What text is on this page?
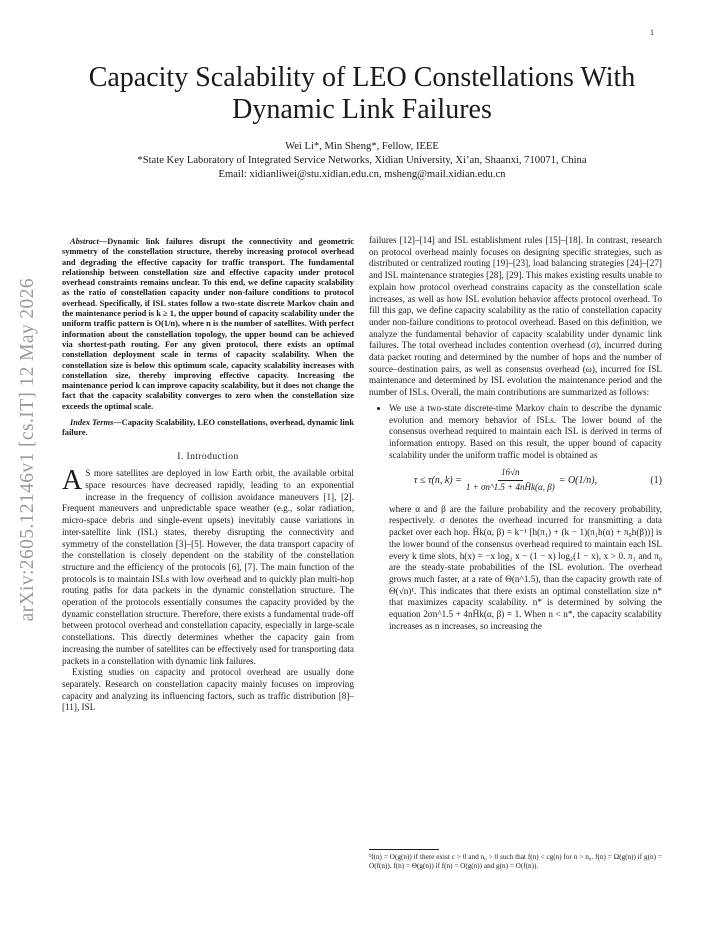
1
arXiv:2605.12146v1 [cs.IT] 12 May 2026
Capacity Scalability of LEO Constellations With Dynamic Link Failures
Wei Li*, Min Sheng*, Fellow, IEEE
*State Key Laboratory of Integrated Service Networks, Xidian University, Xi’an, Shaanxi, 710071, China
Email: xidianliwei@stu.xidian.edu.cn, msheng@mail.xidian.edu.cn

Abstract—Dynamic link failures disrupt the connectivity and geometric symmetry of the constellation structure, thereby increasing protocol overhead and degrading the effective capacity for traffic transport. The fundamental relationship between constellation size and effective capacity under protocol overhead constraints remains unclear. To this end, we define capacity scalability as the ratio of constellation capacity under non-failure conditions to protocol overhead. Specifically, if ISL states follow a two-state discrete Markov chain and the maintenance period is k ≥ 1, the upper bound of capacity scalability under the uniform traffic pattern is O(1/n), where n is the number of satellites. With perfect information about the constellation topology, the upper bound can be achieved via shortest-path routing. For any given protocol, there exists an optimal constellation deployment scale in terms of capacity scalability. When the constellation size is below this optimum scale, capacity scalability increases with constellation size, thereby improving effective capacity. Increasing the maintenance period k can improve capacity scalability, but it does not change the fact that the capacity scalability converges to zero when the constellation size exceeds the optimal scale.

Index Terms—Capacity Scalability, LEO constellations, overhead, dynamic link failure.

I. Introduction

A S more satellites are deployed in low Earth orbit, the available orbital space resources have decreased rapidly, leading to an exponential increase in the frequency of collision avoidance maneuvers [1], [2]. Frequent maneuvers and unpredictable space weather (e.g., solar radiation, micro-space debris and single-event upsets) inevitably cause variations in inter-satellite link (ISL) states, thereby disrupting the connectivity and symmetry of the constellation [3]–[5]. However, the data transport capacity of the constellation is closely dependent on the stability of the constellation structure and the efficiency of the protocols [6], [7]. The main function of the protocols is to maintain ISLs with low overhead and to quickly plan multi-hop routing paths for data packets in the dynamic constellation structure. The operation of the protocols essentially consumes the capacity provided by the dynamic constellation structure. Therefore, there exists a fundamental trade-off between protocol overhead and constellation capacity, especially in large-scale constellations. This directly determines whether the capacity gain from increasing the number of satellites can be effectively used for transporting data packets in a constellation with dynamic link failures.

Existing studies on capacity and protocol overhead are usually done separately. Research on constellation capacity mainly focuses on improving capacity and analyzing its influencing factors, such as traffic distribution [8]–[11], ISL

failures [12]–[14] and ISL establishment rules [15]–[18]. In contrast, research on protocol overhead mainly focuses on designing specific strategies, such as distributed or centralized routing [19]–[23], load balancing strategies [24]–[27] and ISL maintenance strategies [28], [29]. This makes existing results unable to explain how protocol overhead constrains capacity as the constellation scale increases, as well as how ISL evolution behavior affects protocol overhead. To fill this gap, we define capacity scalability as the ratio of constellation capacity under non-failure conditions to protocol overhead. Based on this definition, we analyze the fundamental behavior of capacity scalability under dynamic link failures. The total overhead includes contention overhead (σ), incurred during data packet routing and determined by the number of hops and the number of source–destination pairs, as well as consensus overhead (ω), incurred for ISL maintenance and determined by ISL evolution the maintenance period and the number of ISLs. Overall, the main contributions are summarized as follows:

• We use a two-state discrete-time Markov chain to describe the dynamic evolution and memory behavior of ISLs. The lower bound of the consensus overhead required to maintain each ISL is derived in terms of information entropy. Based on this result, the upper bound of capacity scalability under the uniform traffic model is obtained as
τ ≤ τ(n, $k) = \frac{16√n}{1 + \sigma n\^{}1.5 + 4nH̄k(\alpha, \beta)} = O(1/n)$,	(1)

where α and β are the failure probability and the recovery probability, respectively. σ denotes the overhead incurred for transmitting a data packet over each hop. H̄k(α, β) = k⁻¹ [h(π₁) + (k − 1)(π₁h(α) + π₀h(β))] is the lower bound of the consensus overhead required to maintain each ISL every k time slots, h(x) = −x log₂ x − (1 − x) log₂(1 − x), x > 0. π₁ and π₀ are the steady-state probabilities of the ISL evolution. The overhead grows much faster, at a rate of Θ(n^1.5), than the capacity growth rate of Θ(√n)¹. This indicates that there exists an optimal constellation size n* that maximizes capacity scalability. n* is determined by solving the equation 2σn^1.5 + 4nH̄k(α, β) = 1. When n < n*, the capacity scalability increases as n increases, so increasing the

¹f(n) = O(g(n)) if there exist c > 0 and n₀ > 0 such that f(n) < cg(n) for n > n₀. f(n) = Ω(g(n)) if g(n) = O(f(n)). f(n) = Θ(g(n)) if f(n) = O(g(n)) and g(n) = O(f(n)).
